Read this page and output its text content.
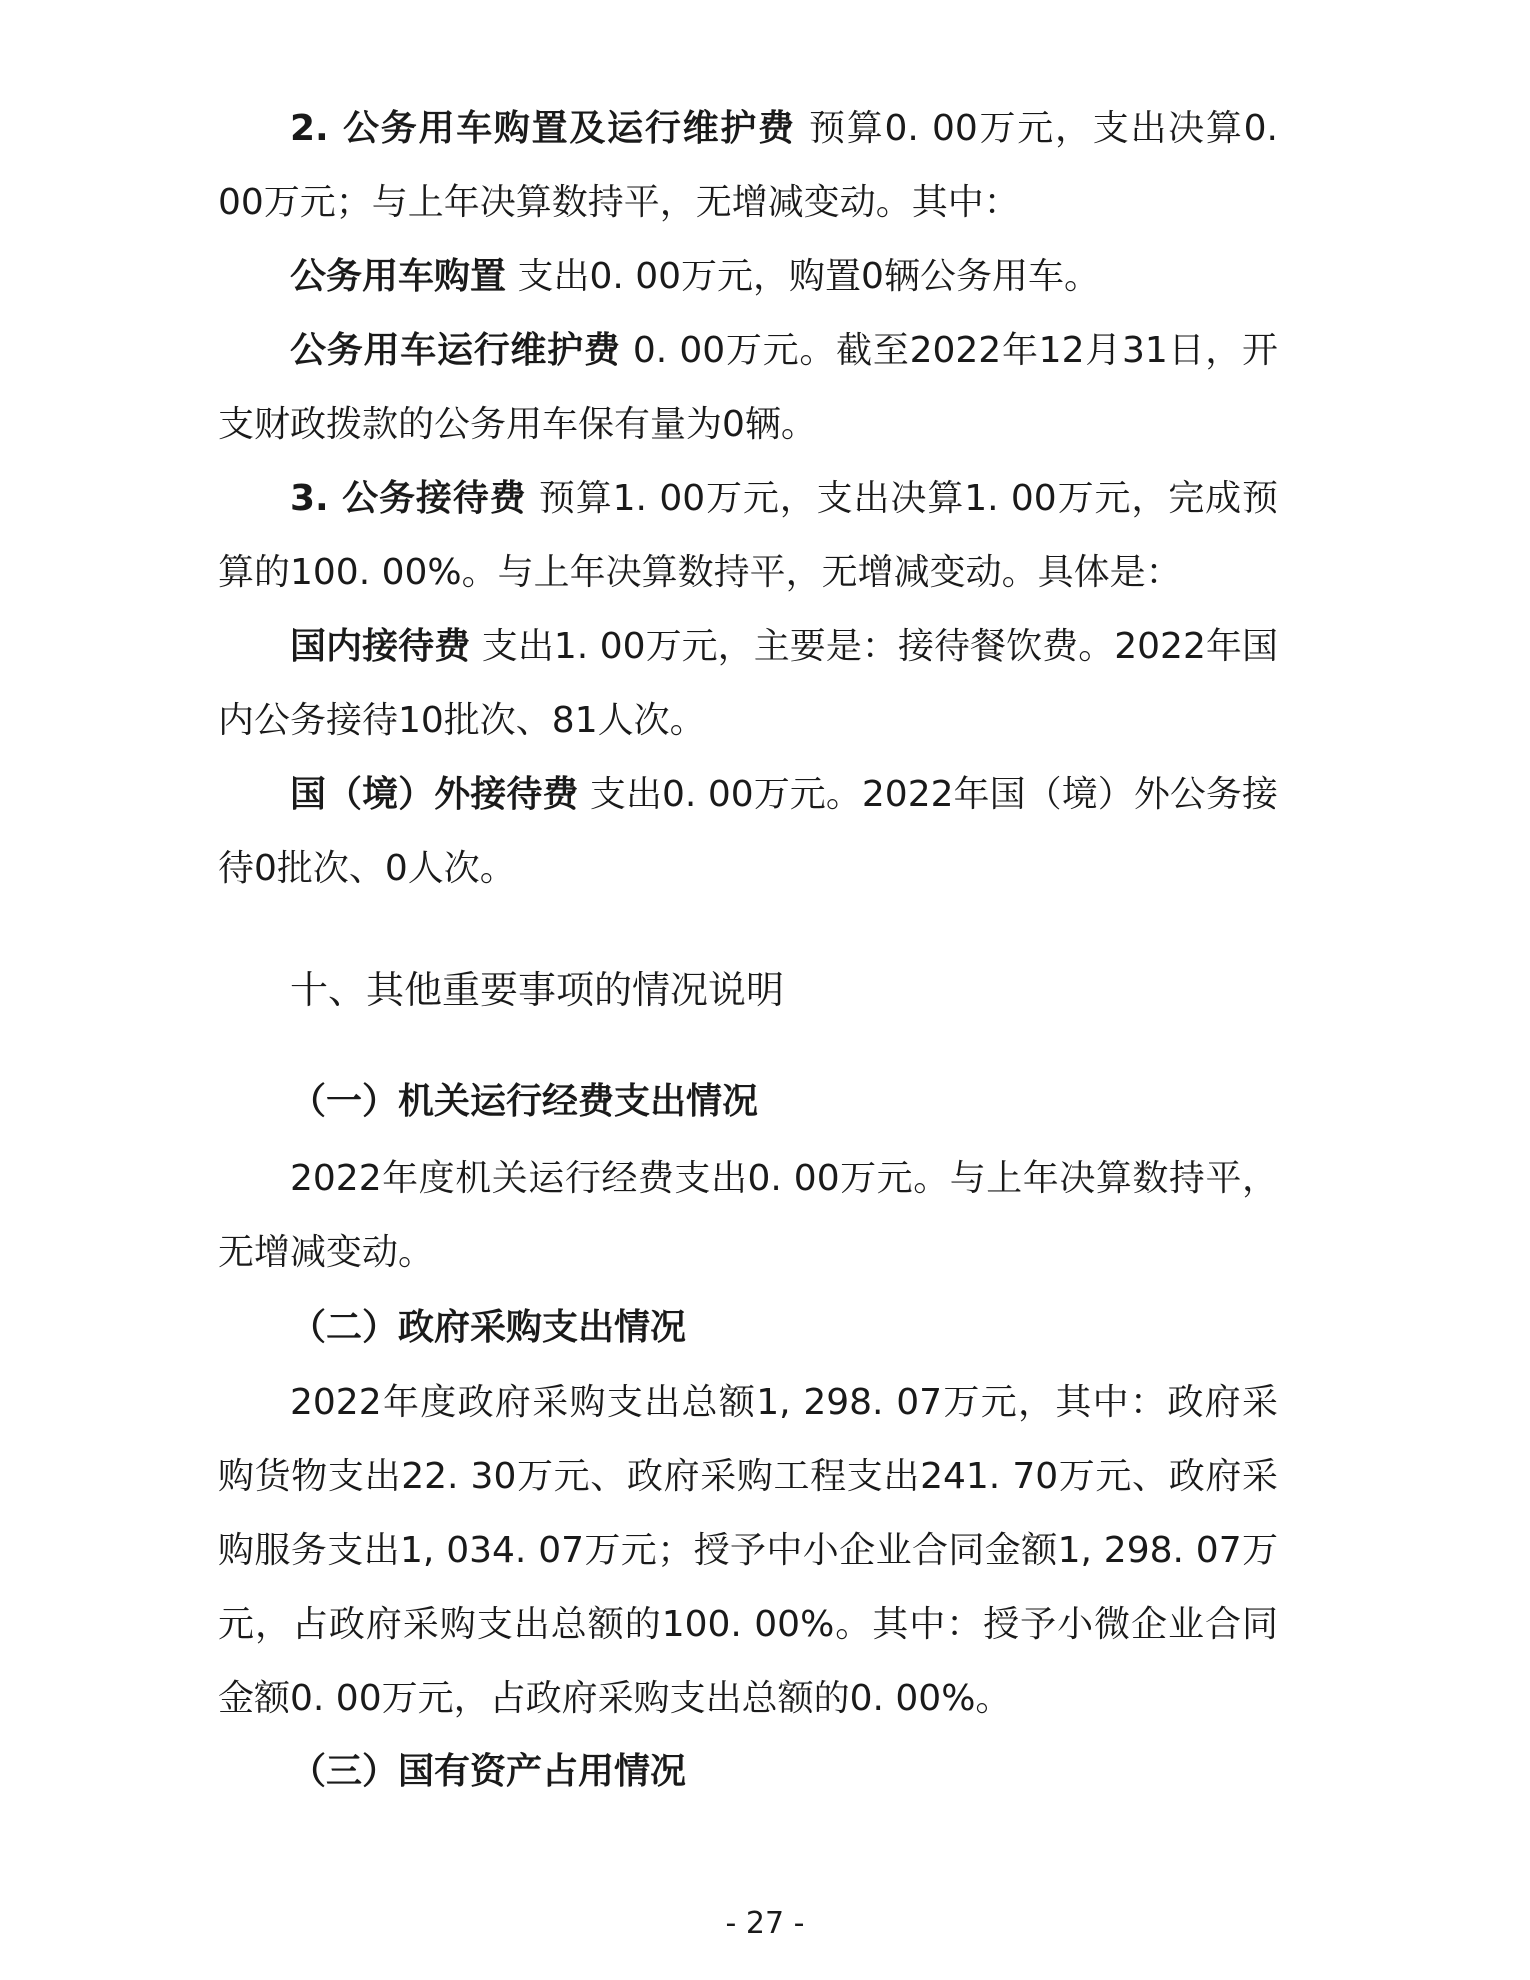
2. 公务用车购置及运行维护费 预算0. 00万元，支出决算0. 00万元；与上年决算数持平，无增减变动。其中：

公务用车购置 支出0. 00万元，购置0辆公务用车。

公务用车运行维护费 0. 00万元。截至2022年12月31日，开支财政拨款的公务用车保有量为0辆。

3. 公务接待费 预算1. 00万元，支出决算1. 00万元，完成预算的100. 00%。与上年决算数持平，无增减变动。具体是：

国内接待费 支出1. 00万元，主要是：接待餐饮费。2022年国内公务接待10批次、81人次。

国（境）外接待费 支出0. 00万元。2022年国（境）外公务接待0批次、0人次。

十、其他重要事项的情况说明
（一）机关运行经费支出情况

2022年度机关运行经费支出0. 00万元。与上年决算数持平，无增减变动。

（二）政府采购支出情况

2022年度政府采购支出总额1, 298. 07万元，其中：政府采购货物支出22. 30万元、政府采购工程支出241. 70万元、政府采购服务支出1, 034. 07万元；授予中小企业合同金额1, 298. 07万元，占政府采购支出总额的100. 00%。其中：授予小微企业合同金额0. 00万元，占政府采购支出总额的0. 00%。

（三）国有资产占用情况

- 27 -
